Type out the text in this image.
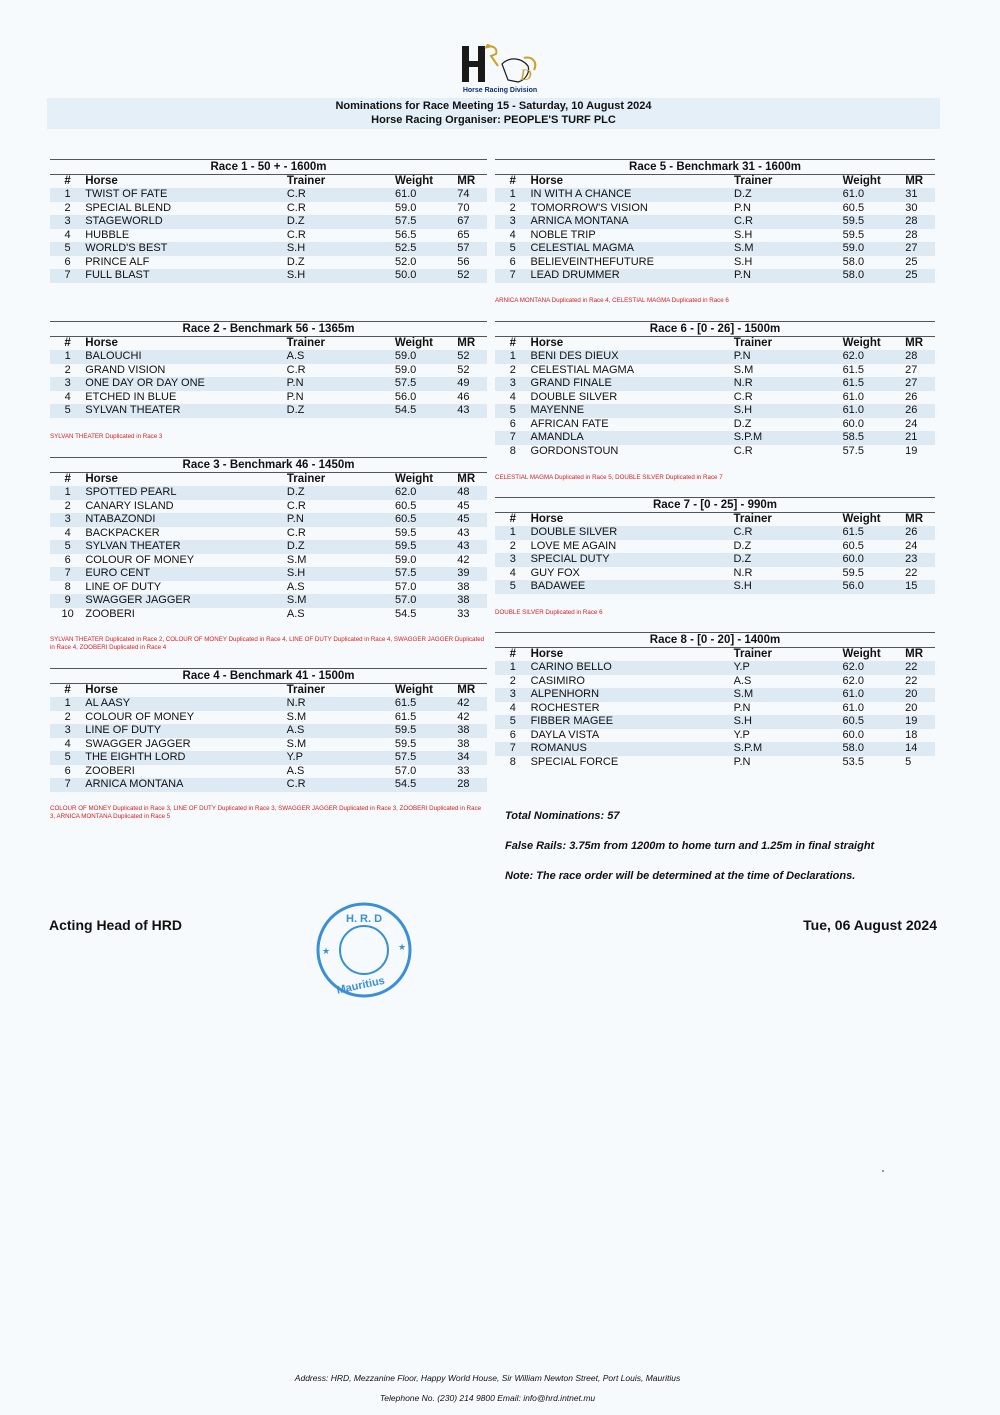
D
Horse Racing Division
Nominations for Race Meeting 15 - Saturday, 10 August 2024
Horse Racing Organiser: PEOPLE'S TURF PLC
Race 1 - 50 + - 1600m
#	Horse	Trainer	Weight	MR
1	TWIST OF FATE	C.R	61.0	74
2	SPECIAL BLEND	C.R	59.0	70
3	STAGEWORLD	D.Z	57.5	67
4	HUBBLE	C.R	56.5	65
5	WORLD'S BEST	S.H	52.5	57
6	PRINCE ALF	D.Z	52.0	56
7	FULL BLAST	S.H	50.0	52
Race 2 - Benchmark 56 - 1365m
#	Horse	Trainer	Weight	MR
1	BALOUCHI	A.S	59.0	52
2	GRAND VISION	C.R	59.0	52
3	ONE DAY OR DAY ONE	P.N	57.5	49
4	ETCHED IN BLUE	P.N	56.0	46
5	SYLVAN THEATER	D.Z	54.5	43
Race 3 - Benchmark 46 - 1450m
#	Horse	Trainer	Weight	MR
1	SPOTTED PEARL	D.Z	62.0	48
2	CANARY ISLAND	C.R	60.5	45
3	NTABAZONDI	P.N	60.5	45
4	BACKPACKER	C.R	59.5	43
5	SYLVAN THEATER	D.Z	59.5	43
6	COLOUR OF MONEY	S.M	59.0	42
7	EURO CENT	S.H	57.5	39
8	LINE OF DUTY	A.S	57.0	38
9	SWAGGER JAGGER	S.M	57.0	38
10	ZOOBERI	A.S	54.5	33
Race 4 - Benchmark 41 - 1500m
#	Horse	Trainer	Weight	MR
1	AL AASY	N.R	61.5	42
2	COLOUR OF MONEY	S.M	61.5	42
3	LINE OF DUTY	A.S	59.5	38
4	SWAGGER JAGGER	S.M	59.5	38
5	THE EIGHTH LORD	Y.P	57.5	34
6	ZOOBERI	A.S	57.0	33
7	ARNICA MONTANA	C.R	54.5	28
Race 5 - Benchmark 31 - 1600m
#	Horse	Trainer	Weight	MR
1	IN WITH A CHANCE	D.Z	61.0	31
2	TOMORROW'S VISION	P.N	60.5	30
3	ARNICA MONTANA	C.R	59.5	28
4	NOBLE TRIP	S.H	59.5	28
5	CELESTIAL MAGMA	S.M	59.0	27
6	BELIEVEINTHEFUTURE	S.H	58.0	25
7	LEAD DRUMMER	P.N	58.0	25
Race 6 - [0 - 26] - 1500m
#	Horse	Trainer	Weight	MR
1	BENI DES DIEUX	P.N	62.0	28
2	CELESTIAL MAGMA	S.M	61.5	27
3	GRAND FINALE	N.R	61.5	27
4	DOUBLE SILVER	C.R	61.0	26
5	MAYENNE	S.H	61.0	26
6	AFRICAN FATE	D.Z	60.0	24
7	AMANDLA	S.P.M	58.5	21
8	GORDONSTOUN	C.R	57.5	19
Race 7 - [0 - 25] - 990m
#	Horse	Trainer	Weight	MR
1	DOUBLE SILVER	C.R	61.5	26
2	LOVE ME AGAIN	D.Z	60.5	24
3	SPECIAL DUTY	D.Z	60.0	23
4	GUY FOX	N.R	59.5	22
5	BADAWEE	S.H	56.0	15
Race 8 - [0 - 20] - 1400m
#	Horse	Trainer	Weight	MR
1	CARINO BELLO	Y.P	62.0	22
2	CASIMIRO	A.S	62.0	22
3	ALPENHORN	S.M	61.0	20
4	ROCHESTER	P.N	61.0	20
5	FIBBER MAGEE	S.H	60.5	19
6	DAYLA VISTA	Y.P	60.0	18
7	ROMANUS	S.P.M	58.0	14
8	SPECIAL FORCE	P.N	53.5	5
SYLVAN THEATER Duplicated in Race 3
SYLVAN THEATER Duplicated in Race 2, COLOUR OF MONEY Duplicated in Race 4, LINE OF DUTY Duplicated in Race 4, SWAGGER JAGGER Duplicated in Race 4, ZOOBERI Duplicated in Race 4
COLOUR OF MONEY Duplicated in Race 3, LINE OF DUTY Duplicated in Race 3, SWAGGER JAGGER Duplicated in Race 3, ZOOBERI Duplicated in Race 3, ARNICA MONTANA Duplicated in Race 5
ARNICA MONTANA Duplicated in Race 4, CELESTIAL MAGMA Duplicated in Race 6
CELESTIAL MAGMA Duplicated in Race 5, DOUBLE SILVER Duplicated in Race 7
DOUBLE SILVER Duplicated in Race 6
Total Nominations: 57
False Rails: 3.75m from 1200m to home turn and 1.25m in final straight
Note: The race order will be determined at the time of Declarations.
Acting Head of HRD	H. R. D
Mauritius
★	★
Tue, 06 August 2024
Address: HRD, Mezzanine Floor, Happy World House, Sir William Newton Street, Port Louis, Mauritius
Telephone No. (230) 214 9800 Email: info@hrd.intnet.mu
